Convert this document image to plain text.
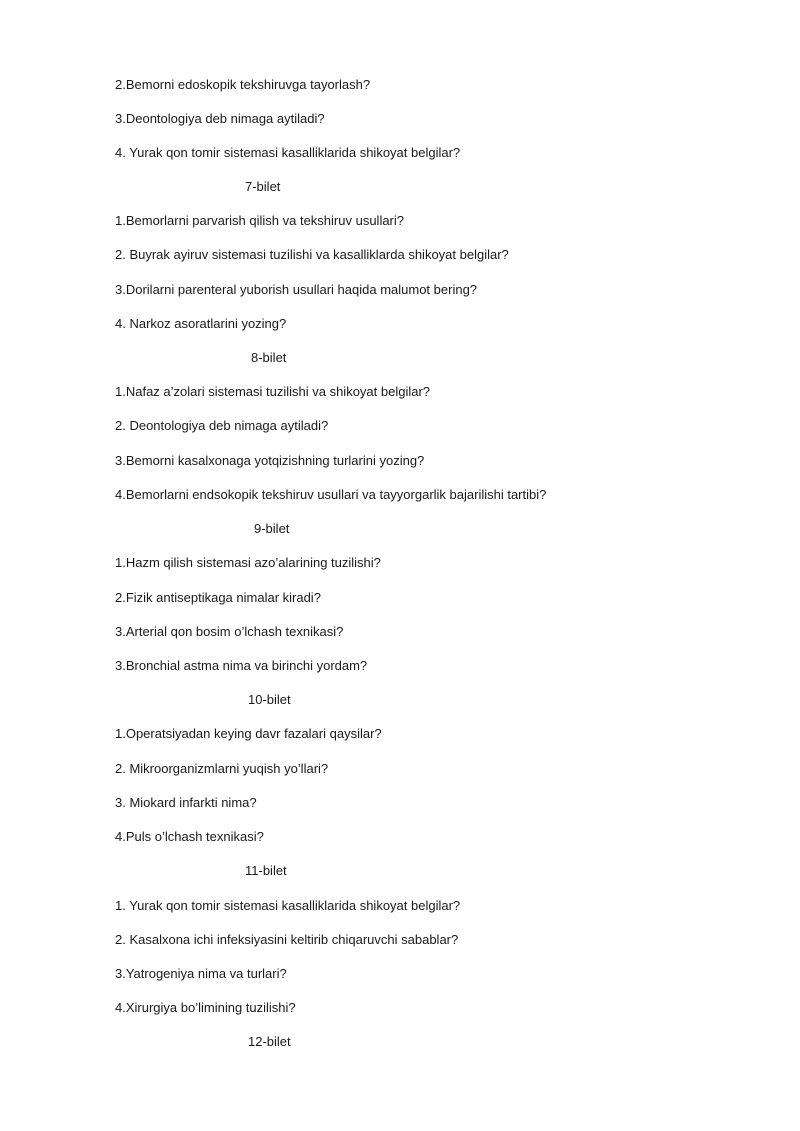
2.Bemorni edoskopik tekshiruvga tayorlash?
3.Deontologiya deb nimaga aytiladi?
4. Yurak qon tomir sistemasi kasalliklarida shikoyat belgilar?
7-bilet
1.Bemorlarni parvarish qilish va tekshiruv usullari?
2. Buyrak ayiruv sistemasi tuzilishi va kasalliklarda shikoyat belgilar?
3.Dorilarni parenteral yuborish usullari haqida malumot bering?
4. Narkoz asoratlarini yozing?
8-bilet
1.Nafaz a’zolari sistemasi tuzilishi va shikoyat belgilar?
2. Deontologiya deb nimaga aytiladi?
3.Bemorni kasalxonaga yotqizishning turlarini yozing?
4.Bemorlarni endsokopik tekshiruv usullari va tayyorgarlik bajarilishi tartibi?
9-bilet
1.Hazm qilish sistemasi azo’alarining tuzilishi?
2.Fizik antiseptikaga nimalar kiradi?
3.Arterial qon bosim o’lchash texnikasi?
3.Bronchial astma nima va birinchi yordam?
10-bilet
1.Operatsiyadan keying davr fazalari qaysilar?
2. Mikroorganizmlarni yuqish yo’llari?
3. Miokard infarkti nima?
4.Puls o’lchash texnikasi?
11-bilet
1. Yurak qon tomir sistemasi kasalliklarida shikoyat belgilar?
2. Kasalxona ichi infeksiyasini keltirib chiqaruvchi sabablar?
3.Yatrogeniya nima va turlari?
4.Xirurgiya bo’limining tuzilishi?
12-bilet
